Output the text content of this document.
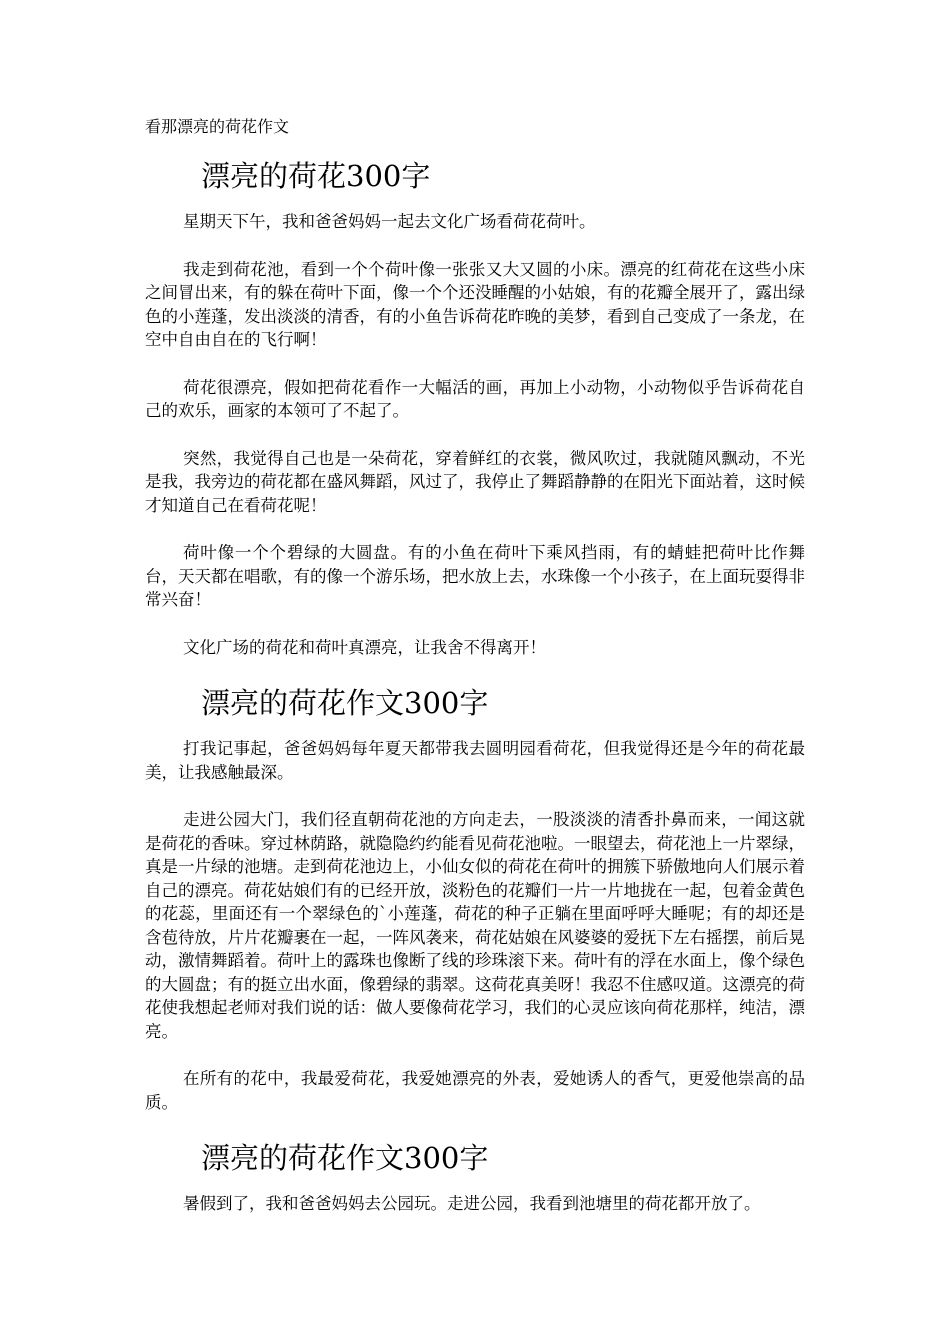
看那漂亮的荷花作文
漂亮的荷花300字

星期天下午，我和爸爸妈妈一起去文化广场看荷花荷叶。

我走到荷花池，看到一个个荷叶像一张张又大又圆的小床。漂亮的红荷花在这些小床之间冒出来，有的躲在荷叶下面，像一个个还没睡醒的小姑娘，有的花瓣全展开了，露出绿色的小莲蓬，发出淡淡的清香，有的小鱼告诉荷花昨晚的美梦，看到自己变成了一条龙，在空中自由自在的飞行啊！

荷花很漂亮，假如把荷花看作一大幅活的画，再加上小动物，小动物似乎告诉荷花自己的欢乐，画家的本领可了不起了。

突然，我觉得自己也是一朵荷花，穿着鲜红的衣裳，微风吹过，我就随风飘动，不光是我，我旁边的荷花都在盛风舞蹈，风过了，我停止了舞蹈静静的在阳光下面站着，这时候才知道自己在看荷花呢！

荷叶像一个个碧绿的大圆盘。有的小鱼在荷叶下乘风挡雨，有的蜻蛙把荷叶比作舞台，天天都在唱歌，有的像一个游乐场，把水放上去，水珠像一个小孩子，在上面玩耍得非常兴奋！

文化广场的荷花和荷叶真漂亮，让我舍不得离开！

漂亮的荷花作文300字

打我记事起，爸爸妈妈每年夏天都带我去圆明园看荷花，但我觉得还是今年的荷花最美，让我感触最深。

走进公园大门，我们径直朝荷花池的方向走去，一股淡淡的清香扑鼻而来，一闻这就是荷花的香味。穿过林荫路，就隐隐约约能看见荷花池啦。一眼望去，荷花池上一片翠绿，真是一片绿的池塘。走到荷花池边上，小仙女似的荷花在荷叶的拥簇下骄傲地向人们展示着自己的漂亮。荷花姑娘们有的已经开放，淡粉色的花瓣们一片一片地拢在一起，包着金黄色的花蕊，里面还有一个翠绿色的`小莲蓬，荷花的种子正躺在里面呼呼大睡呢；有的却还是含苞待放，片片花瓣裹在一起，一阵风袭来，荷花姑娘在风婆婆的爱抚下左右摇摆，前后晃动，激情舞蹈着。荷叶上的露珠也像断了线的珍珠滚下来。荷叶有的浮在水面上，像个绿色的大圆盘；有的挺立出水面，像碧绿的翡翠。这荷花真美呀！我忍不住感叹道。这漂亮的荷花使我想起老师对我们说的话：做人要像荷花学习，我们的心灵应该向荷花那样，纯洁，漂亮。

在所有的花中，我最爱荷花，我爱她漂亮的外表，爱她诱人的香气，更爱他崇高的品质。

漂亮的荷花作文300字

暑假到了，我和爸爸妈妈去公园玩。走进公园，我看到池塘里的荷花都开放了。
